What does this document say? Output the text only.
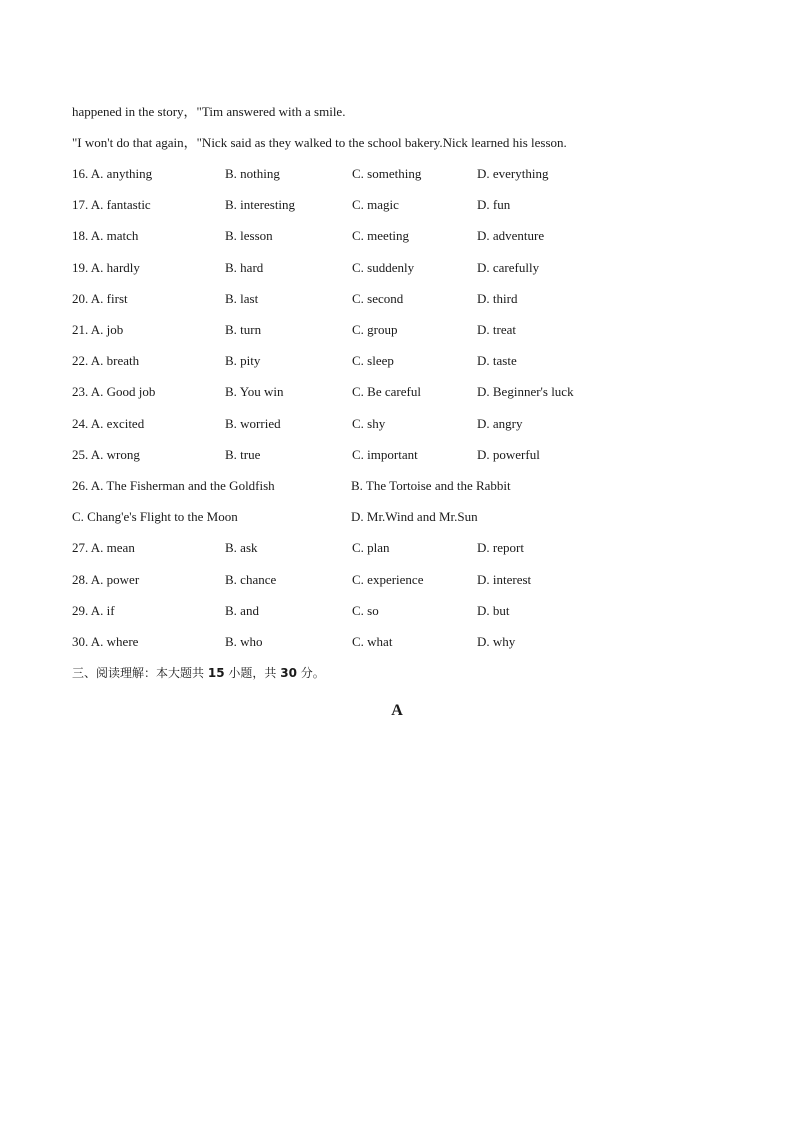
happened in the story，"Tim answered with a smile.
"I won't do that again，"Nick said as they walked to the school bakery.Nick learned his lesson.
16. A. anything	B. nothing	C. something	D. everything
17. A. fantastic	B. interesting	C. magic	D. fun
18. A. match	B. lesson	C. meeting	D. adventure
19. A. hardly	B. hard	C. suddenly	D. carefully
20. A. first	B. last	C. second	D. third
21. A. job	B. turn	C. group	D. treat
22. A. breath	B. pity	C. sleep	D. taste
23. A. Good job	B. You win	C. Be careful	D. Beginner's luck
24. A. excited	B. worried	C. shy	D. angry
25. A. wrong	B. true	C. important	D. powerful
26. A. The Fisherman and the Goldfish	B. The Tortoise and the Rabbit
C. Chang'e's Flight to the Moon	D. Mr.Wind and Mr.Sun
27. A. mean	B. ask	C. plan	D. report
28. A. power	B. chance	C. experience	D. interest
29. A. if	B. and	C. so	D. but
30. A. where	B. who	C. what	D. why
三、阅读理解：本大题共 15 小题，共 30 分。
A
